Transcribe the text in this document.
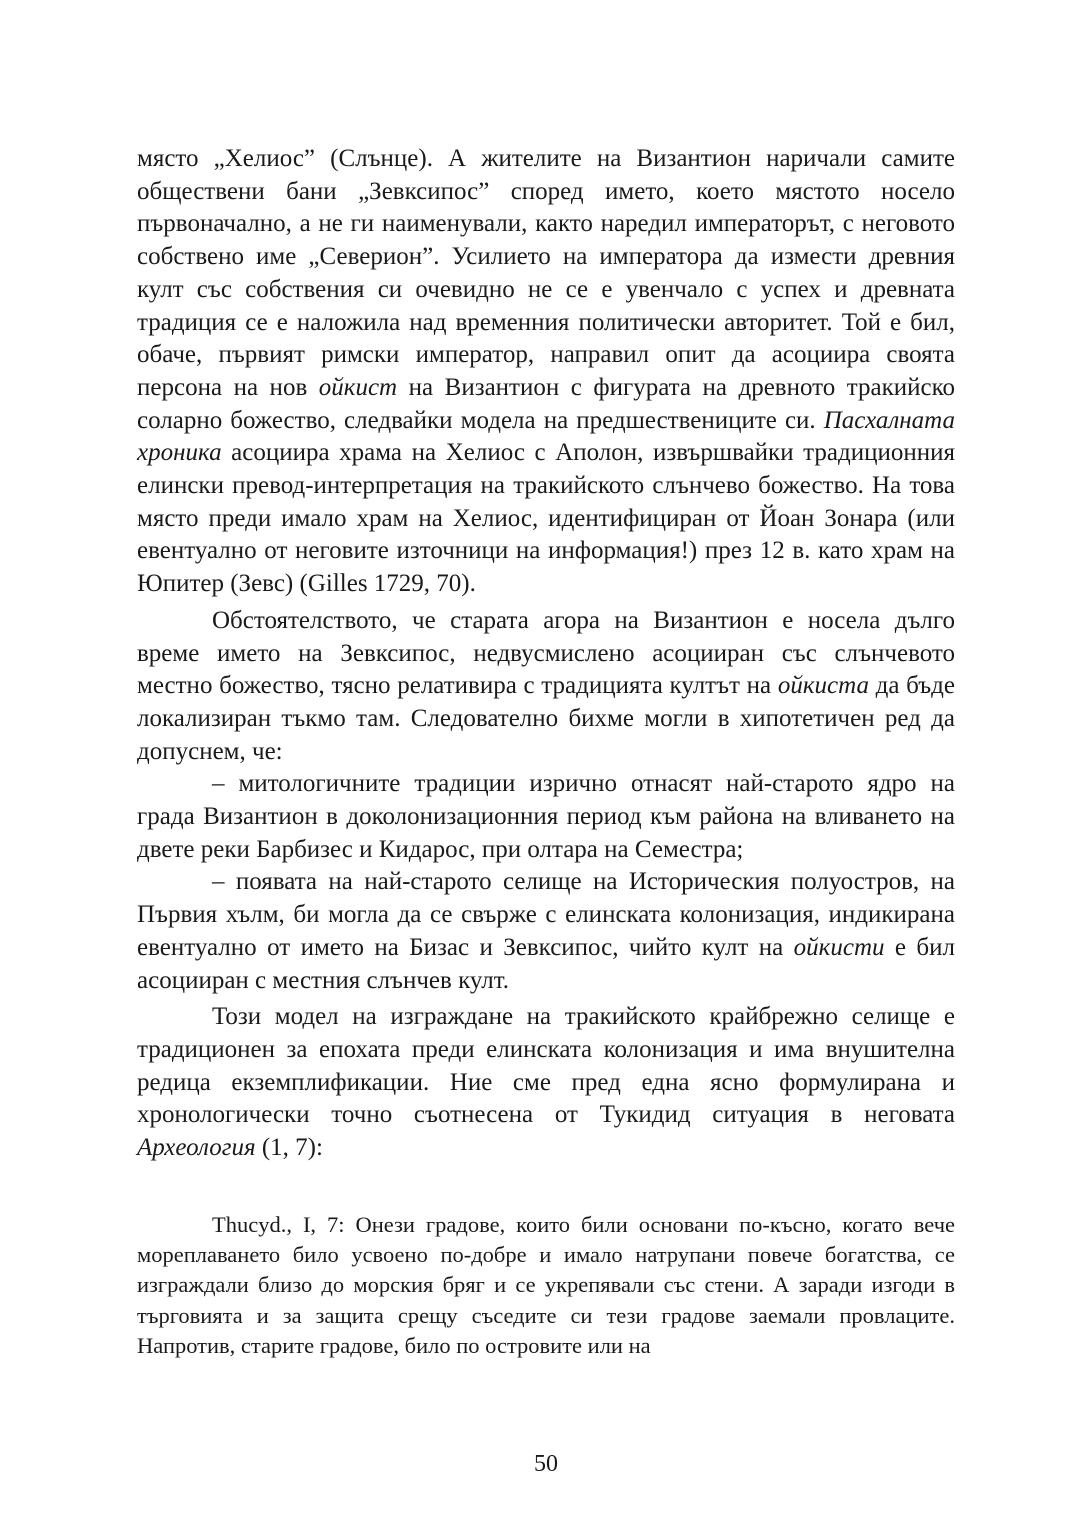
място „Хелиос” (Слънце). А жителите на Византион наричали самите обществени бани „Зевксипос” според името, което мястото носело първоначално, а не ги наименували, както наредил императорът, с неговото собствено име „Северион”. Усилието на императора да измести древния култ със собствения си очевидно не се е увенчало с успех и древната традиция се е наложила над временния политически авторитет. Той е бил, обаче, първият римски император, направил опит да асоциира своята персона на нов ойкист на Византион с фигурата на древното тракийско соларно божество, следвайки модела на предшествениците си. Пасхалната хроника асоциира храма на Хелиос с Аполон, извършвайки традиционния елински превод-интерпретация на тракийското слънчево божество. На това място преди имало храм на Хелиос, идентифициран от Йоан Зонара (или евентуално от неговите източници на информация!) през 12 в. като храм на Юпитер (Зевс) (Gilles 1729, 70).

Обстоятелството, че старата агора на Византион е носела дълго време името на Зевксипос, недвусмислено асоцииран със слънчевото местно божество, тясно релативира с традицията култът на ойкиста да бъде локализиран тъкмо там. Следователно бихме могли в хипотетичен ред да допуснем, че:

– митологичните традиции изрично отнасят най-старото ядро на града Византион в доколонизационния период към района на вливането на двете реки Барбизес и Кидарос, при олтара на Семестра;

– появата на най-старото селище на Историческия полуостров, на Първия хълм, би могла да се свърже с елинската колонизация, индикирана евентуално от името на Бизас и Зевксипос, чийто култ на ойкисти е бил асоцииран с местния слънчев култ.

Този модел на изграждане на тракийското крайбрежно селище е традиционен за епохата преди елинската колонизация и има внушителна редица екземплификации. Ние сме пред една ясно формулирана и хронологически точно съотнесена от Тукидид ситуация в неговата Археология (1, 7):

Thucyd., I, 7: Онези градове, които били основани по-късно, когато вече мореплаването било усвоено по-добре и имало натрупани повече богатства, се изграждали близо до морския бряг и се укрепявали със стени. А заради изгоди в търговията и за защита срещу съседите си тези градове заемали провлаците. Напротив, старите градове, било по островите или на

50
